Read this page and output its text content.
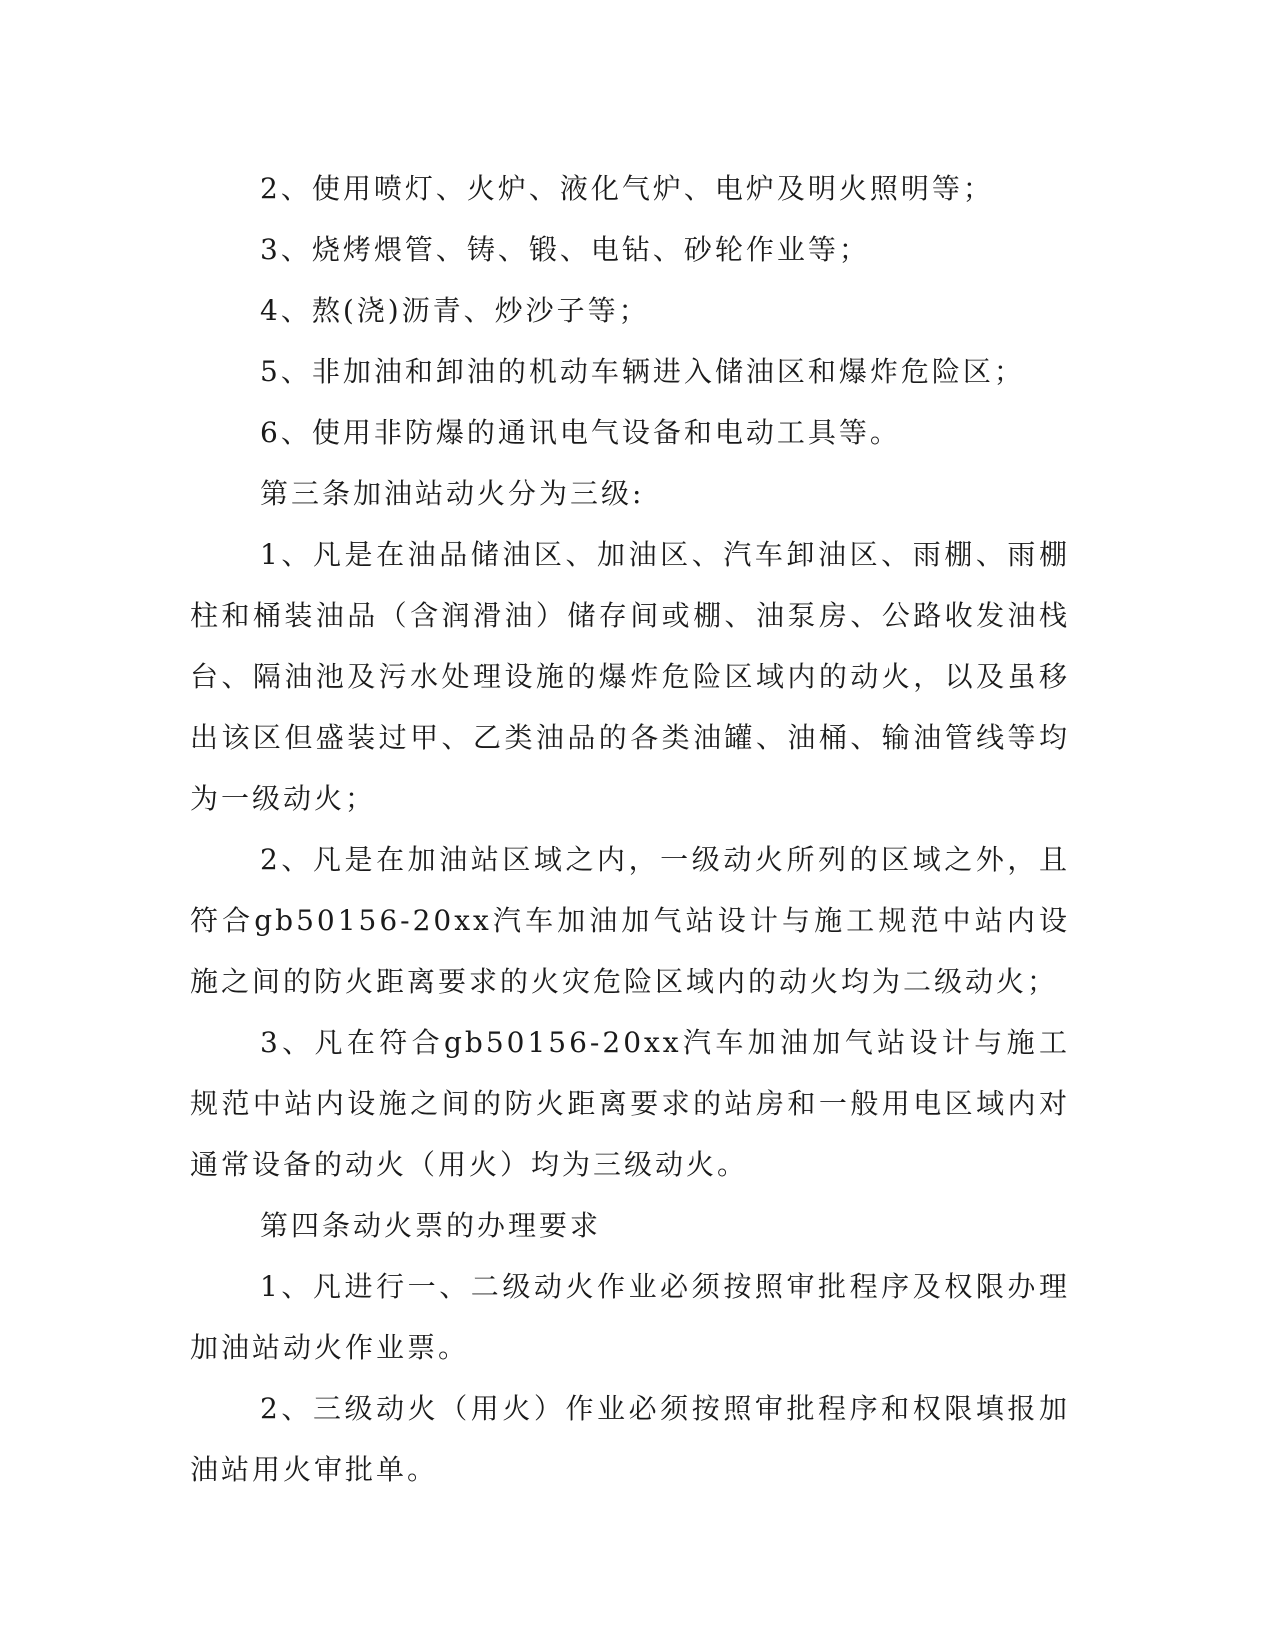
2、使用喷灯、火炉、液化气炉、电炉及明火照明等；

3、烧烤煨管、铸、锻、电钻、砂轮作业等；

4、熬(浇)沥青、炒沙子等；

5、非加油和卸油的机动车辆进入储油区和爆炸危险区；

6、使用非防爆的通讯电气设备和电动工具等。

第三条加油站动火分为三级:

1、凡是在油品储油区、加油区、汽车卸油区、雨棚、雨棚柱和桶装油品（含润滑油）储存间或棚、油泵房、公路收发油栈台、隔油池及污水处理设施的爆炸危险区域内的动火，以及虽移出该区但盛装过甲、乙类油品的各类油罐、油桶、输油管线等均为一级动火；

2、凡是在加油站区域之内，一级动火所列的区域之外，且符合gb50156-20xx汽车加油加气站设计与施工规范中站内设施之间的防火距离要求的火灾危险区域内的动火均为二级动火；

3、凡在符合gb50156-20xx汽车加油加气站设计与施工规范中站内设施之间的防火距离要求的站房和一般用电区域内对通常设备的动火（用火）均为三级动火。

第四条动火票的办理要求

1、凡进行一、二级动火作业必须按照审批程序及权限办理加油站动火作业票。

2、三级动火（用火）作业必须按照审批程序和权限填报加油站用火审批单。
